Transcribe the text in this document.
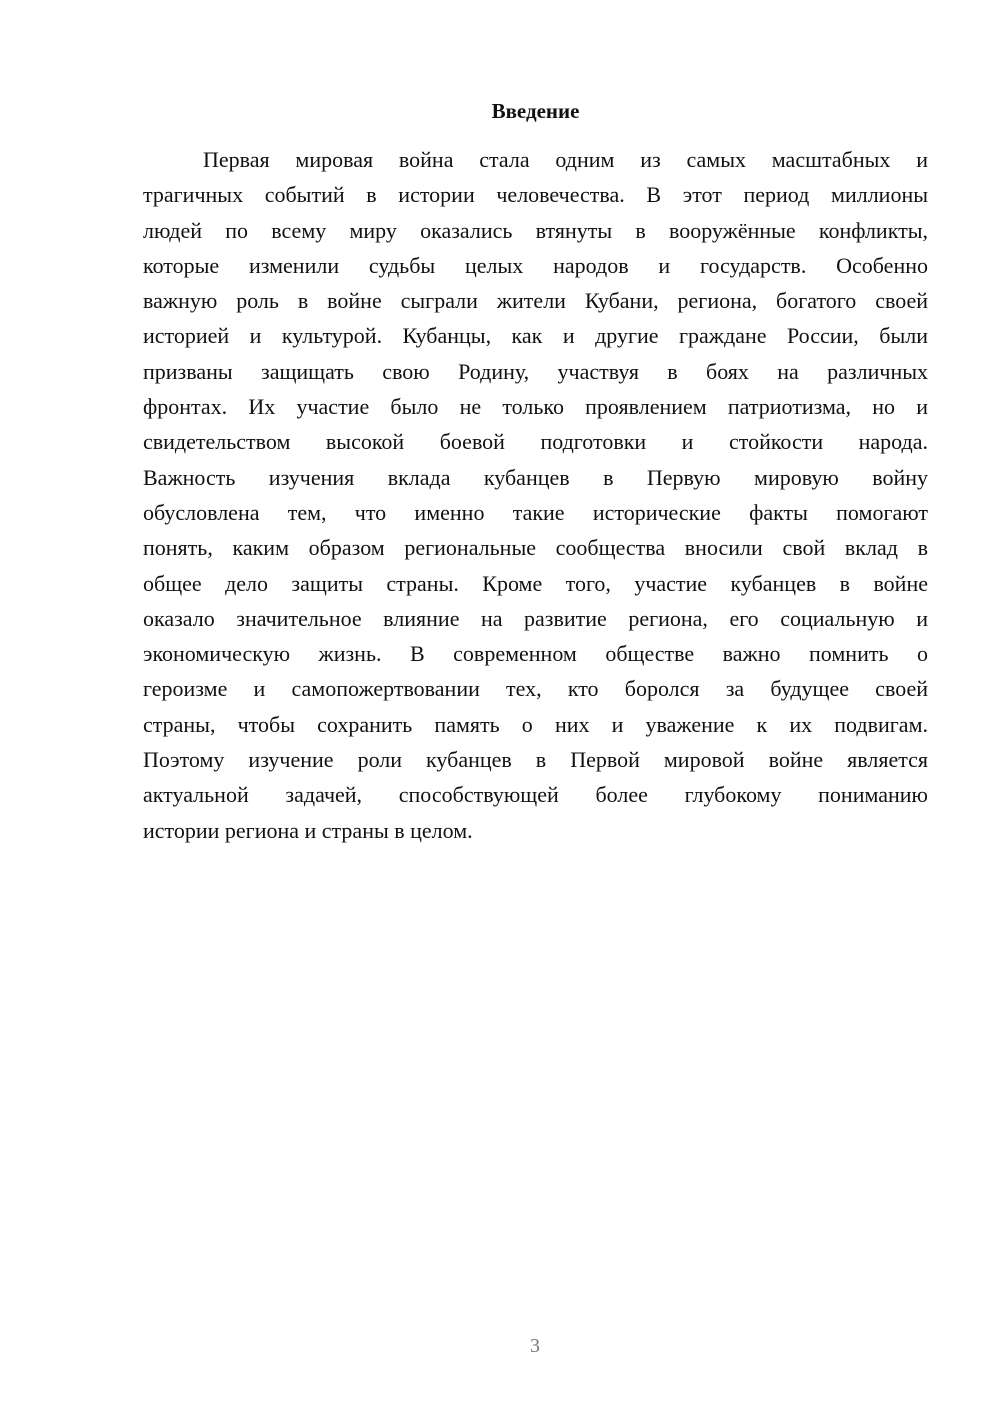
Введение

Первая мировая война стала одним из самых масштабных и
трагичных событий в истории человечества. В этот период миллионы
людей по всему миру оказались втянуты в вооружённые конфликты,
которые изменили судьбы целых народов и государств. Особенно
важную роль в войне сыграли жители Кубани, региона, богатого своей
историей и культурой. Кубанцы, как и другие граждане России, были
призваны защищать свою Родину, участвуя в боях на различных
фронтах. Их участие было не только проявлением патриотизма, но и
свидетельством высокой боевой подготовки и стойкости народа.
Важность изучения вклада кубанцев в Первую мировую войну
обусловлена тем, что именно такие исторические факты помогают
понять, каким образом региональные сообщества вносили свой вклад в
общее дело защиты страны. Кроме того, участие кубанцев в войне
оказало значительное влияние на развитие региона, его социальную и
экономическую жизнь. В современном обществе важно помнить о
героизме и самопожертвовании тех, кто боролся за будущее своей
страны, чтобы сохранить память о них и уважение к их подвигам.
Поэтому изучение роли кубанцев в Первой мировой войне является
актуальной задачей, способствующей более глубокому пониманию
истории региона и страны в целом.

3
